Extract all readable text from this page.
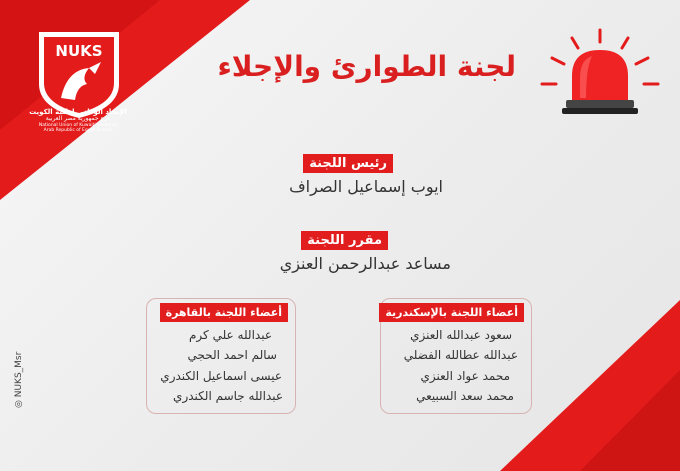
NUKS
الإتحاد الوطني لطلبة الكويت
فرع جمهورية مصر العربية
National Union of Kuwaiti Students
Arab Republic of Egypt Branch
لجنة الطوارئ والإجلاء
رئيس اللجنة
ايوب إسماعيل الصراف
مقرر اللجنة
مساعد عبدالرحمن العنزي
أعضاء اللجنة بالقاهرة
عبدالله علي كرم
سالم احمد الحجي
عيسى اسماعيل الكندري
عبدالله جاسم الكندري
أعضاء اللجنة بالإسكندرية
سعود عبدالله العنزي
عبدالله عطالله الفضلي
محمد عواد العنزي
محمد سعد السبيعي
◎ NUKS_Msr
